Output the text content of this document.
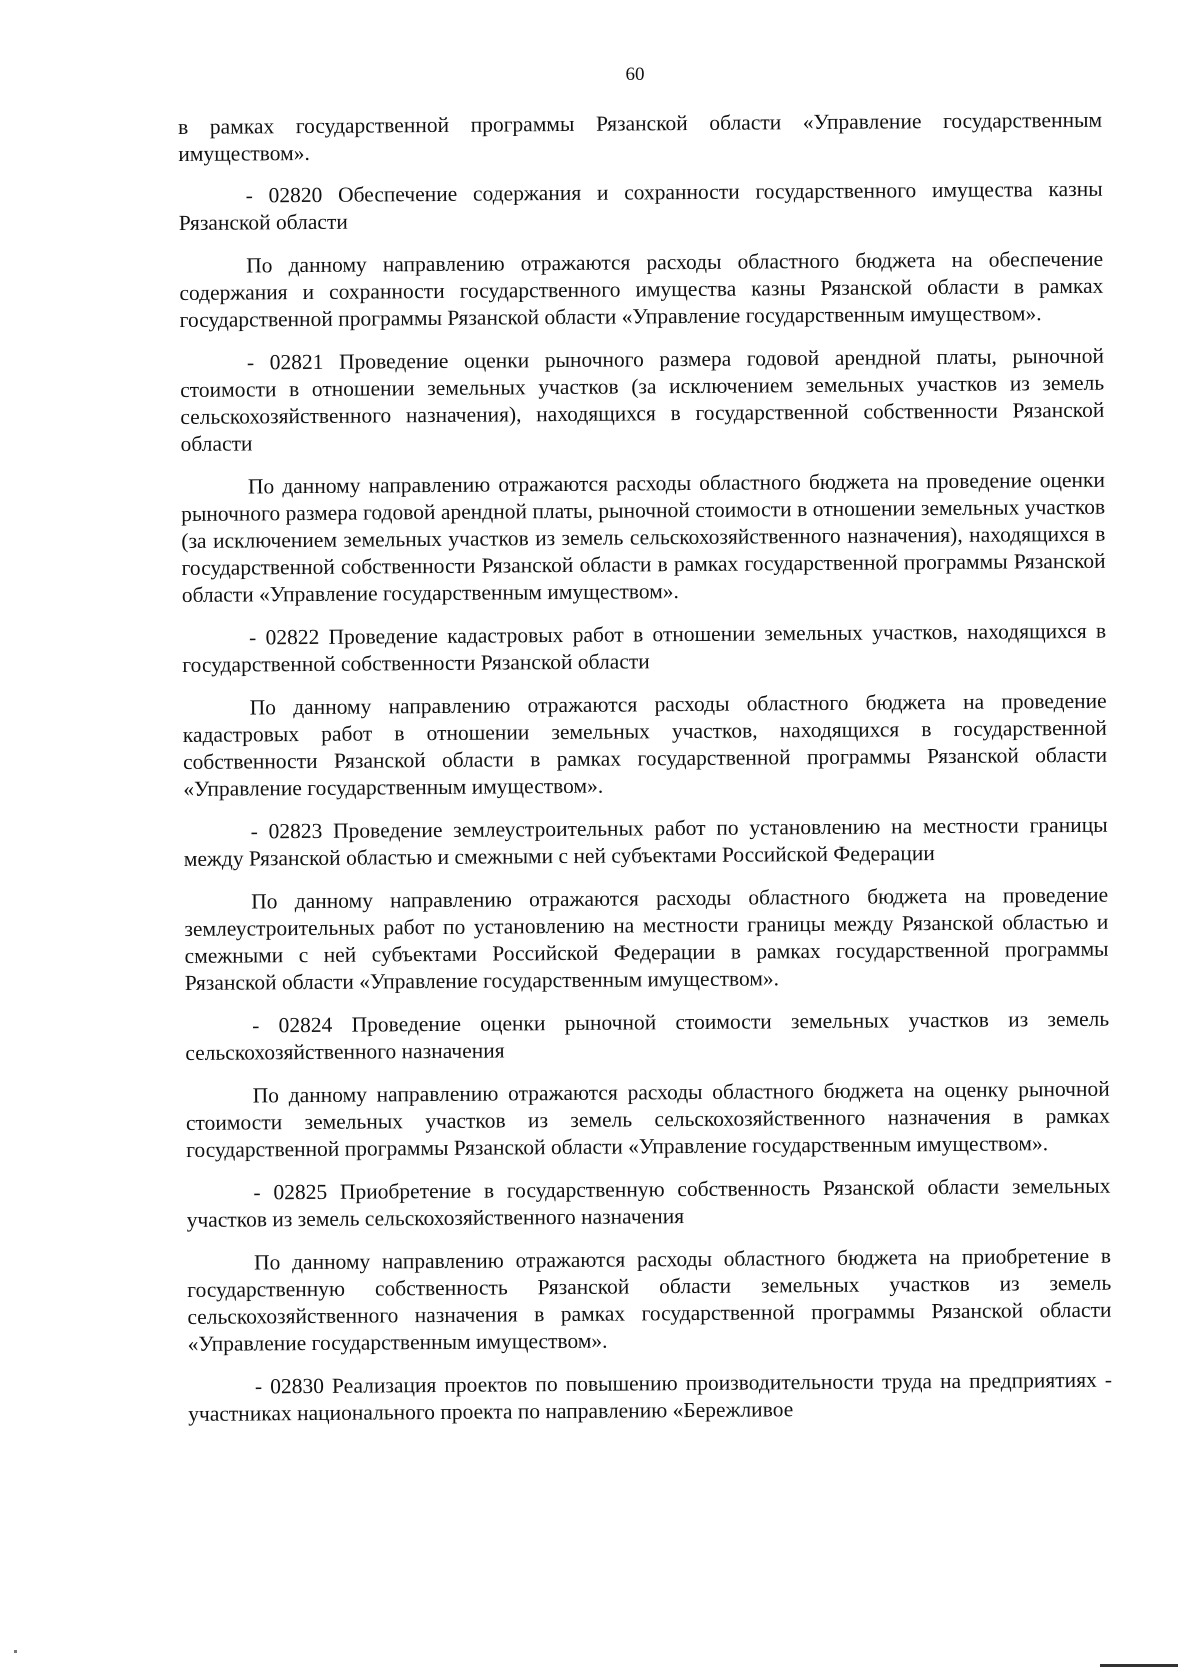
60

в рамках государственной программы Рязанской области «Управление государственным имуществом».

- 02820 Обеспечение содержания и сохранности государственного имущества казны Рязанской области

По данному направлению отражаются расходы областного бюджета на обеспечение содержания и сохранности государственного имущества казны Рязанской области в рамках государственной программы Рязанской области «Управление государственным имуществом».

- 02821 Проведение оценки рыночного размера годовой арендной платы, рыночной стоимости в отношении земельных участков (за исключением земельных участков из земель сельскохозяйственного назначения), находящихся в государственной собственности Рязанской области

По данному направлению отражаются расходы областного бюджета на проведение оценки рыночного размера годовой арендной платы, рыночной стоимости в отношении земельных участков (за исключением земельных участков из земель сельскохозяйственного назначения), находящихся в государственной собственности Рязанской области в рамках государственной программы Рязанской области «Управление государственным имуществом».

- 02822 Проведение кадастровых работ в отношении земельных участков, находящихся в государственной собственности Рязанской области

По данному направлению отражаются расходы областного бюджета на проведение кадастровых работ в отношении земельных участков, находящихся в государственной собственности Рязанской области в рамках государственной программы Рязанской области «Управление государственным имуществом».

- 02823 Проведение землеустроительных работ по установлению на местности границы между Рязанской областью и смежными с ней субъектами Российской Федерации

По данному направлению отражаются расходы областного бюджета на проведение землеустроительных работ по установлению на местности границы между Рязанской областью и смежными с ней субъектами Российской Федерации в рамках государственной программы Рязанской области «Управление государственным имуществом».

- 02824 Проведение оценки рыночной стоимости земельных участков из земель сельскохозяйственного назначения

По данному направлению отражаются расходы областного бюджета на оценку рыночной стоимости земельных участков из земель сельскохозяйственного назначения в рамках государственной программы Рязанской области «Управление государственным имуществом».

- 02825 Приобретение в государственную собственность Рязанской области земельных участков из земель сельскохозяйственного назначения

По данному направлению отражаются расходы областного бюджета на приобретение в государственную собственность Рязанской области земельных участков из земель сельскохозяйственного назначения в рамках государственной программы Рязанской области «Управление государственным имуществом».

- 02830 Реализация проектов по повышению производительности труда на предприятиях - участниках национального проекта по направлению «Бережливое
